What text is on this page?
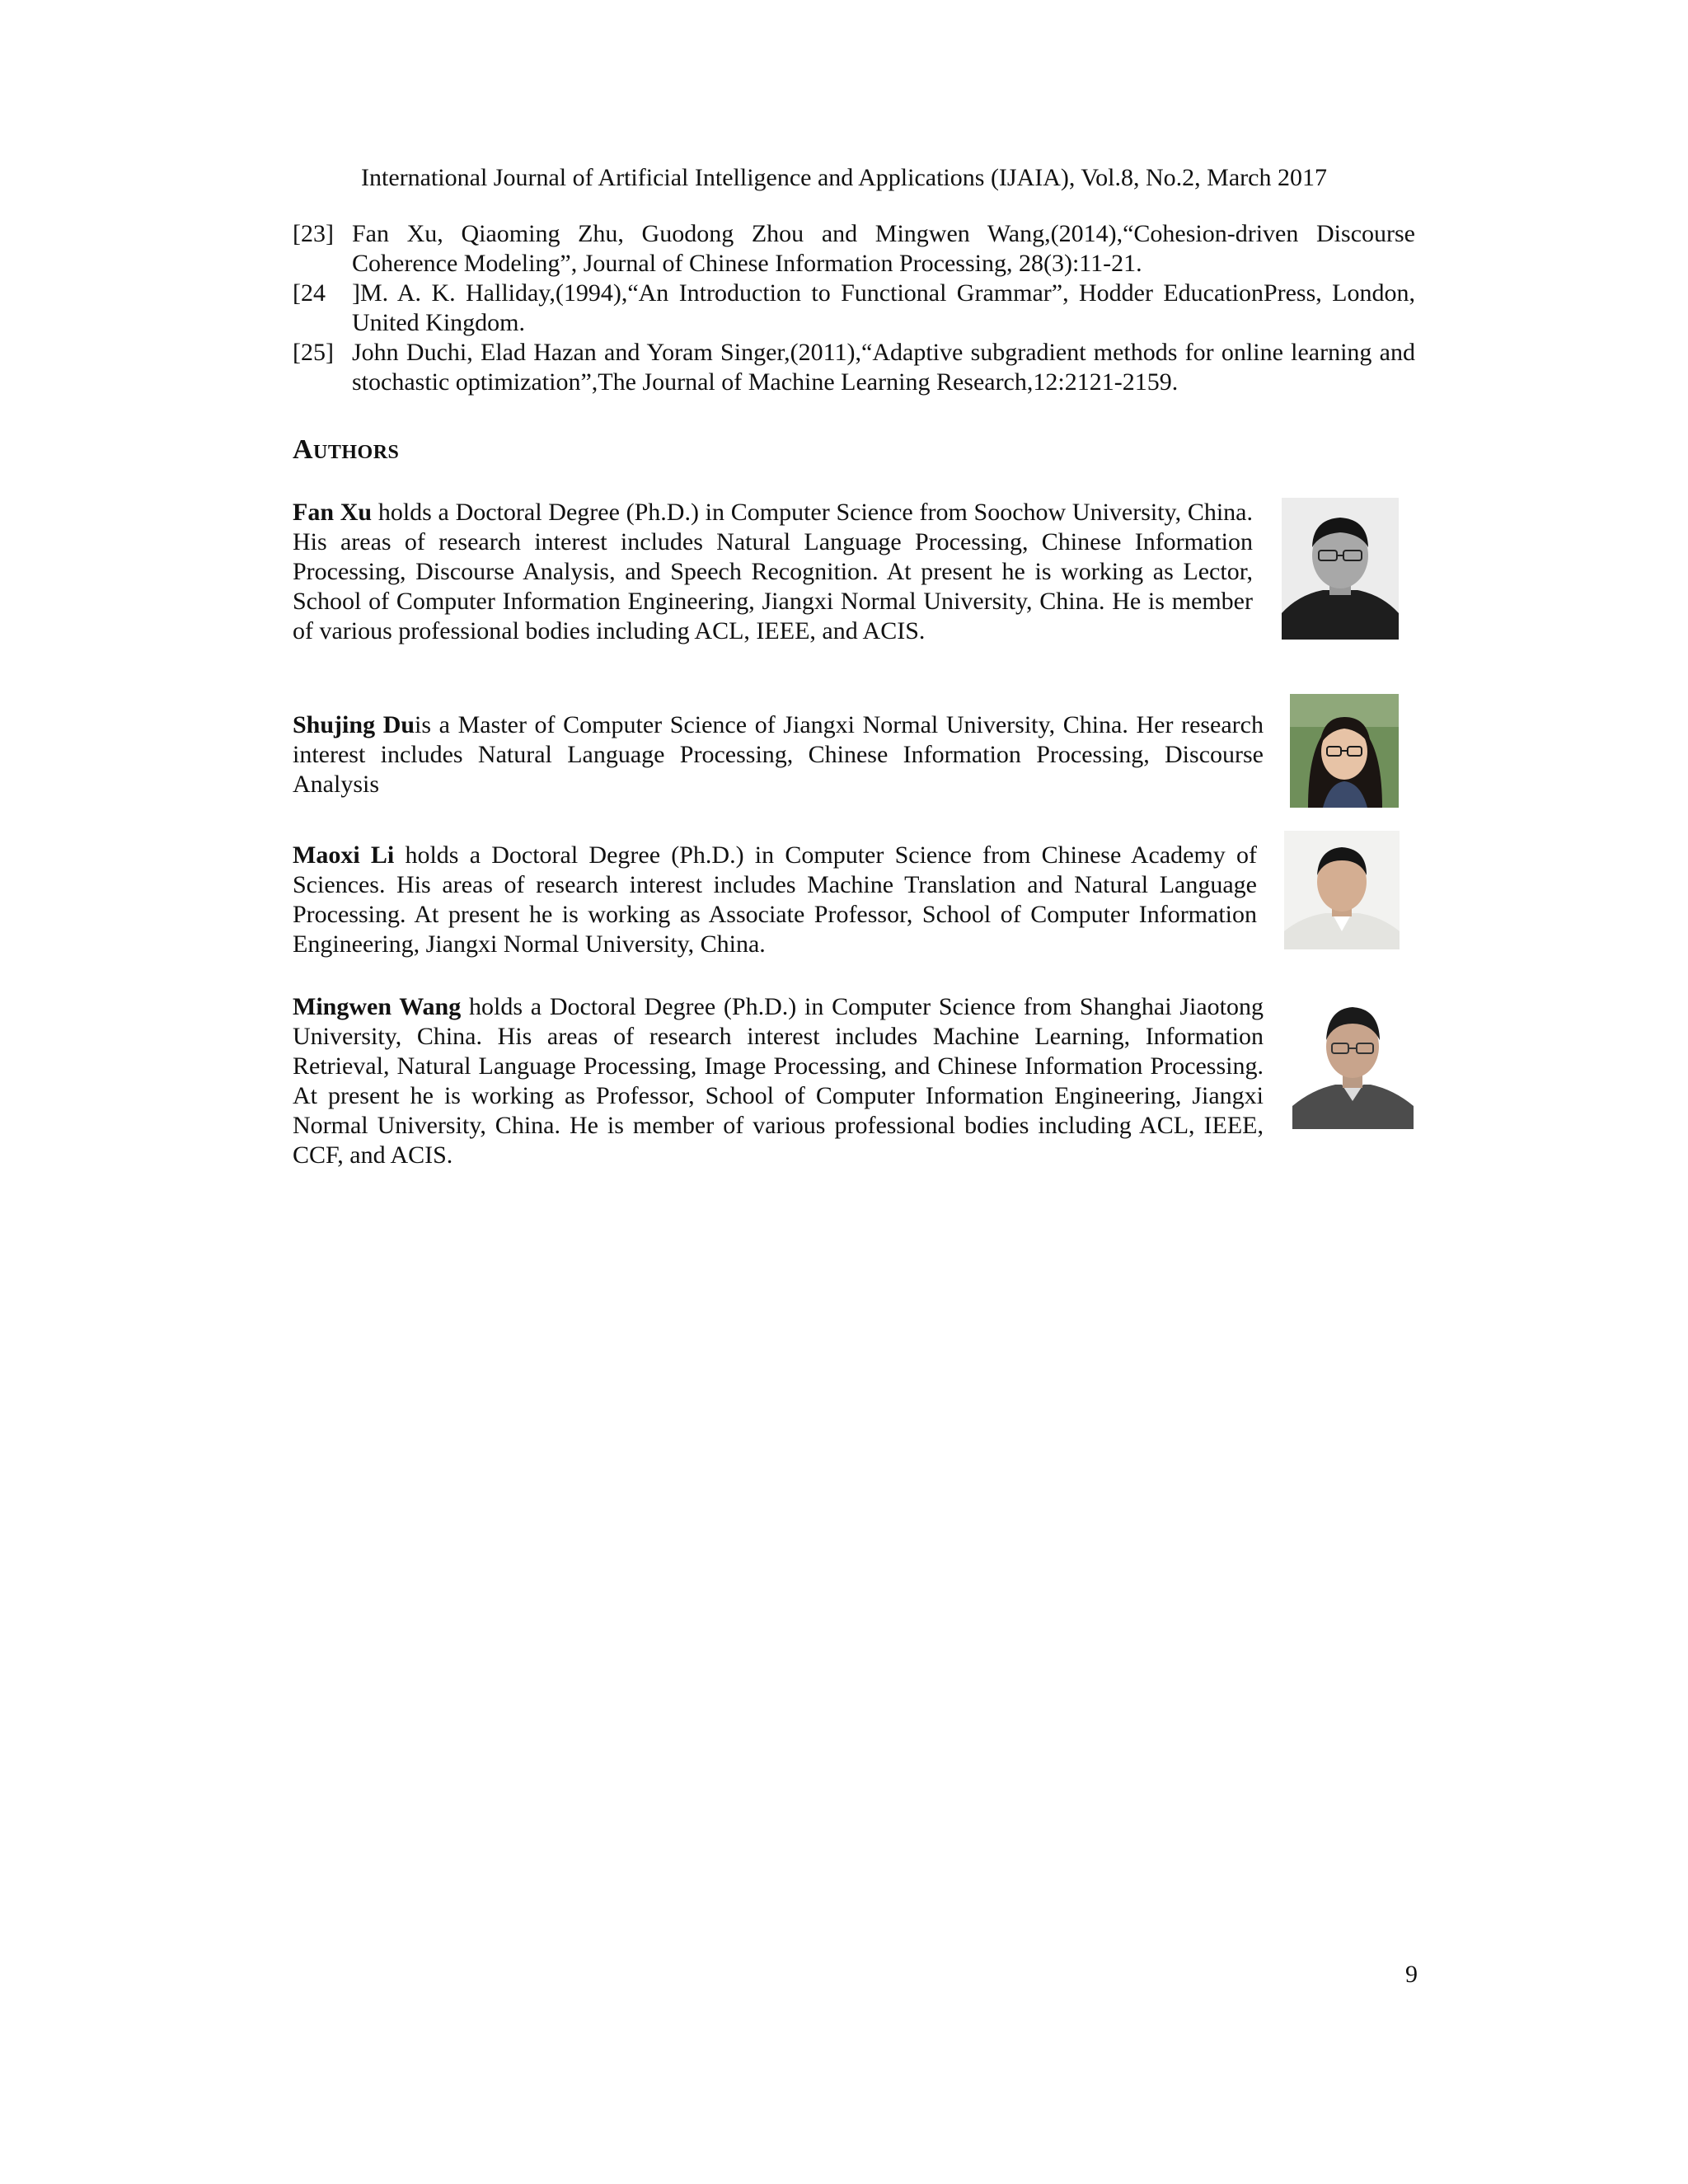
International Journal of Artificial Intelligence and Applications (IJAIA), Vol.8, No.2, March 2017
[23] Fan Xu, Qiaoming Zhu, Guodong Zhou and Mingwen Wang,(2014),“Cohesion-driven Discourse Coherence Modeling”, Journal of Chinese Information Processing, 28(3):11-21.
[24	]M. A. K. Halliday,(1994),“An Introduction to Functional Grammar”, Hodder EducationPress, London, United Kingdom.
[25] John Duchi, Elad Hazan and Yoram Singer,(2011),“Adaptive subgradient methods for online learning and stochastic optimization”,The Journal of Machine Learning Research,12:2121-2159.
Authors

Fan Xu holds a Doctoral Degree (Ph.D.) in Computer Science from Soochow University, China. His areas of research interest includes Natural Language Processing, Chinese Information Processing, Discourse Analysis, and Speech Recognition. At present he is working as Lector, School of Computer Information Engineering, Jiangxi Normal University, China. He is member of various professional bodies including ACL, IEEE, and ACIS.

Shujing Duis a Master of Computer Science of Jiangxi Normal University, China. Her research interest includes Natural Language Processing, Chinese Information Processing, Discourse Analysis

Maoxi Li holds a Doctoral Degree (Ph.D.) in Computer Science from Chinese Academy of Sciences. His areas of research interest includes Machine Translation and Natural Language Processing. At present he is working as Associate Professor, School of Computer Information Engineering, Jiangxi Normal University, China.

Mingwen Wang holds a Doctoral Degree (Ph.D.) in Computer Science from Shanghai Jiaotong University, China. His areas of research interest includes Machine Learning, Information Retrieval, Natural Language Processing, Image Processing, and Chinese Information Processing. At present he is working as Professor, School of Computer Information Engineering, Jiangxi Normal University, China. He is member of various professional bodies including ACL, IEEE, CCF, and ACIS.

9
